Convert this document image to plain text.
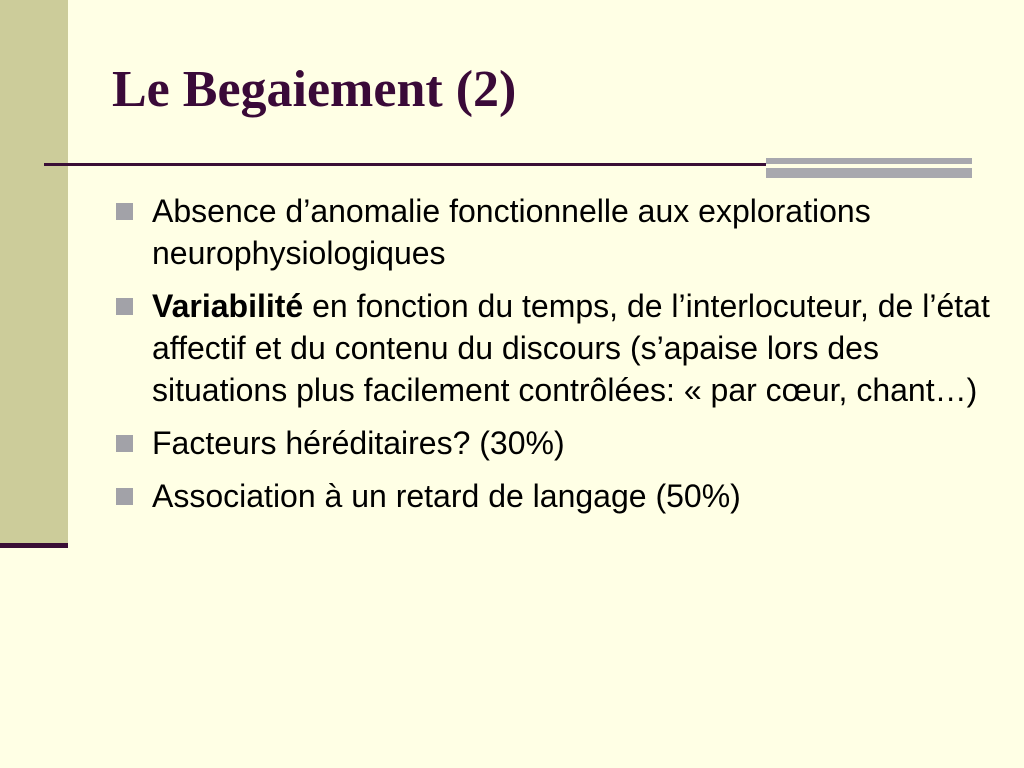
Le Begaiement (2)
Absence d’anomalie fonctionnelle aux explorations neurophysiologiques
Variabilité en fonction du temps, de l’interlocuteur, de l’état affectif et du contenu du discours (s’apaise lors des situations plus facilement contrôlées: « par cœur, chant…)
Facteurs héréditaires? (30%)
Association à un retard de langage (50%)
